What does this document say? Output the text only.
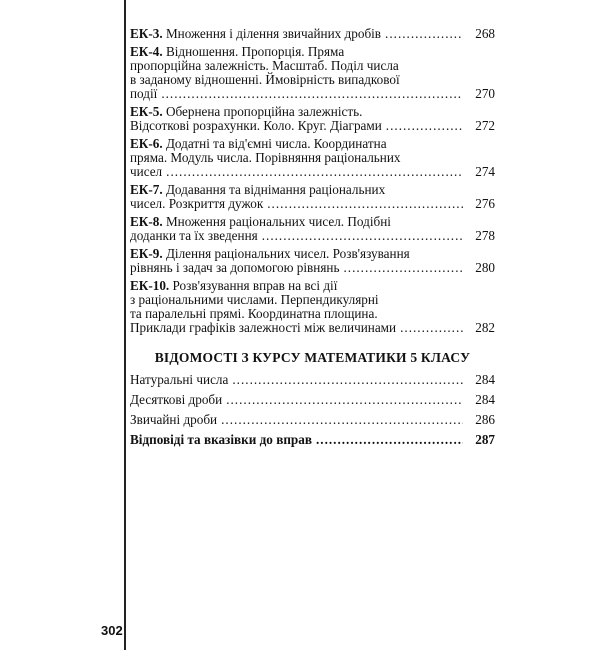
ЕК-3. Множення і ділення звичайних дробів .....	268
ЕК-4. Відношення. Пропорція. Пряма
пропорційна залежність. Масштаб. Поділ числа
в заданому відношенні. Ймовірність випадкової
події .....	270
ЕК-5. Обернена пропорційна залежність.
Відсоткові розрахунки. Коло. Круг. Діаграми .....	272
ЕК-6. Додатні та від'ємні числа. Координатна
пряма. Модуль числа. Порівняння раціональних
чисел .....	274
ЕК-7. Додавання та віднімання раціональних
чисел. Розкриття дужок .....	276
ЕК-8. Множення раціональних чисел. Подібні
доданки та їх зведення .....	278
ЕК-9. Ділення раціональних чисел. Розв'язування
рівнянь і задач за допомогою рівнянь .....	280
ЕК-10. Розв'язування вправ на всі дії
з раціональними числами. Перпендикулярні
та паралельні прямі. Координатна площина.
Приклади графіків залежності між величинами .....	282
ВІДОМОСТІ З КУРСУ МАТЕМАТИКИ 5 КЛАСУ
Натуральні числа .....	284
Десяткові дроби .....	284
Звичайні дроби .....	286
Відповіді та вказівки до вправ .....	287
302
